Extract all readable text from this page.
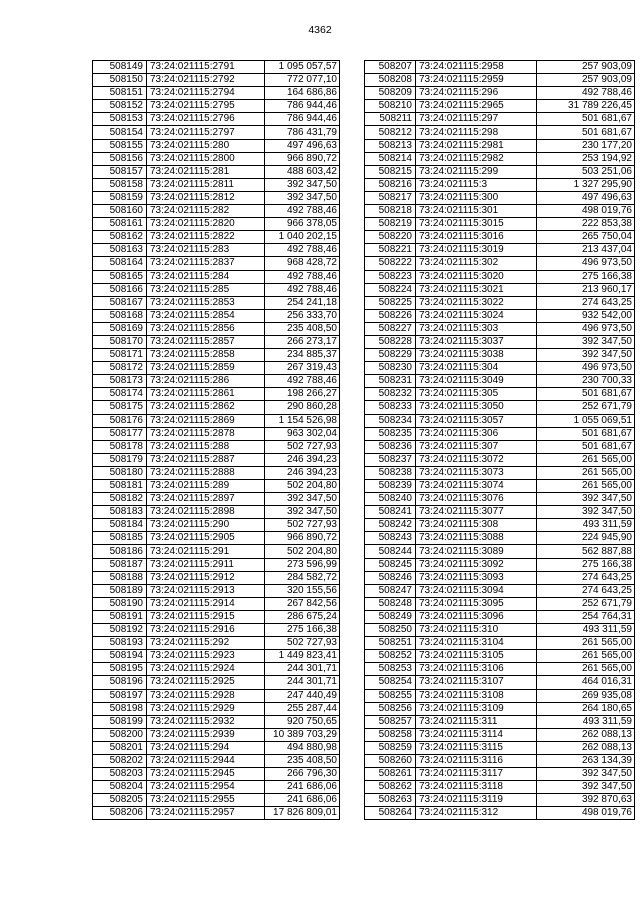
4362
508149	73:24:021115:2791	1 095 057,57
508150	73:24:021115:2792	772 077,10
508151	73:24:021115:2794	164 686,86
508152	73:24:021115:2795	786 944,46
508153	73:24:021115:2796	786 944,46
508154	73:24:021115:2797	786 431,79
508155	73:24:021115:280	497 496,63
508156	73:24:021115:2800	966 890,72
508157	73:24:021115:281	488 603,42
508158	73:24:021115:2811	392 347,50
508159	73:24:021115:2812	392 347,50
508160	73:24:021115:282	492 788,46
508161	73:24:021115:2820	966 378,05
508162	73:24:021115:2822	1 040 202,15
508163	73:24:021115:283	492 788,46
508164	73:24:021115:2837	968 428,72
508165	73:24:021115:284	492 788,46
508166	73:24:021115:285	492 788,46
508167	73:24:021115:2853	254 241,18
508168	73:24:021115:2854	256 333,70
508169	73:24:021115:2856	235 408,50
508170	73:24:021115:2857	266 273,17
508171	73:24:021115:2858	234 885,37
508172	73:24:021115:2859	267 319,43
508173	73:24:021115:286	492 788,46
508174	73:24:021115:2861	198 266,27
508175	73:24:021115:2862	290 860,28
508176	73:24:021115:2869	1 154 526,98
508177	73:24:021115:2878	963 302,04
508178	73:24:021115:288	502 727,93
508179	73:24:021115:2887	246 394,23
508180	73:24:021115:2888	246 394,23
508181	73:24:021115:289	502 204,80
508182	73:24:021115:2897	392 347,50
508183	73:24:021115:2898	392 347,50
508184	73:24:021115:290	502 727,93
508185	73:24:021115:2905	966 890,72
508186	73:24:021115:291	502 204,80
508187	73:24:021115:2911	273 596,99
508188	73:24:021115:2912	284 582,72
508189	73:24:021115:2913	320 155,56
508190	73:24:021115:2914	267 842,56
508191	73:24:021115:2915	286 675,24
508192	73:24:021115:2916	275 166,38
508193	73:24:021115:292	502 727,93
508194	73:24:021115:2923	1 449 823,41
508195	73:24:021115:2924	244 301,71
508196	73:24:021115:2925	244 301,71
508197	73:24:021115:2928	247 440,49
508198	73:24:021115:2929	255 287,44
508199	73:24:021115:2932	920 750,65
508200	73:24:021115:2939	10 389 703,29
508201	73:24:021115:294	494 880,98
508202	73:24:021115:2944	235 408,50
508203	73:24:021115:2945	266 796,30
508204	73:24:021115:2954	241 686,06
508205	73:24:021115:2955	241 686,06
508206	73:24:021115:2957	17 826 809,01
508207	73:24:021115:2958	257 903,09
508208	73:24:021115:2959	257 903,09
508209	73:24:021115:296	492 788,46
508210	73:24:021115:2965	31 789 226,45
508211	73:24:021115:297	501 681,67
508212	73:24:021115:298	501 681,67
508213	73:24:021115:2981	230 177,20
508214	73:24:021115:2982	253 194,92
508215	73:24:021115:299	503 251,06
508216	73:24:021115:3	1 327 295,90
508217	73:24:021115:300	497 496,63
508218	73:24:021115:301	498 019,76
508219	73:24:021115:3015	222 853,38
508220	73:24:021115:3016	265 750,04
508221	73:24:021115:3019	213 437,04
508222	73:24:021115:302	496 973,50
508223	73:24:021115:3020	275 166,38
508224	73:24:021115:3021	213 960,17
508225	73:24:021115:3022	274 643,25
508226	73:24:021115:3024	932 542,00
508227	73:24:021115:303	496 973,50
508228	73:24:021115:3037	392 347,50
508229	73:24:021115:3038	392 347,50
508230	73:24:021115:304	496 973,50
508231	73:24:021115:3049	230 700,33
508232	73:24:021115:305	501 681,67
508233	73:24:021115:3050	252 671,79
508234	73:24:021115:3057	1 055 069,51
508235	73:24:021115:306	501 681,67
508236	73:24:021115:307	501 681,67
508237	73:24:021115:3072	261 565,00
508238	73:24:021115:3073	261 565,00
508239	73:24:021115:3074	261 565,00
508240	73:24:021115:3076	392 347,50
508241	73:24:021115:3077	392 347,50
508242	73:24:021115:308	493 311,59
508243	73:24:021115:3088	224 945,90
508244	73:24:021115:3089	562 887,88
508245	73:24:021115:3092	275 166,38
508246	73:24:021115:3093	274 643,25
508247	73:24:021115:3094	274 643,25
508248	73:24:021115:3095	252 671,79
508249	73:24:021115:3096	254 764,31
508250	73:24:021115:310	493 311,59
508251	73:24:021115:3104	261 565,00
508252	73:24:021115:3105	261 565,00
508253	73:24:021115:3106	261 565,00
508254	73:24:021115:3107	464 016,31
508255	73:24:021115:3108	269 935,08
508256	73:24:021115:3109	264 180,65
508257	73:24:021115:311	493 311,59
508258	73:24:021115:3114	262 088,13
508259	73:24:021115:3115	262 088,13
508260	73:24:021115:3116	263 134,39
508261	73:24:021115:3117	392 347,50
508262	73:24:021115:3118	392 347,50
508263	73:24:021115:3119	392 870,63
508264	73:24:021115:312	498 019,76
